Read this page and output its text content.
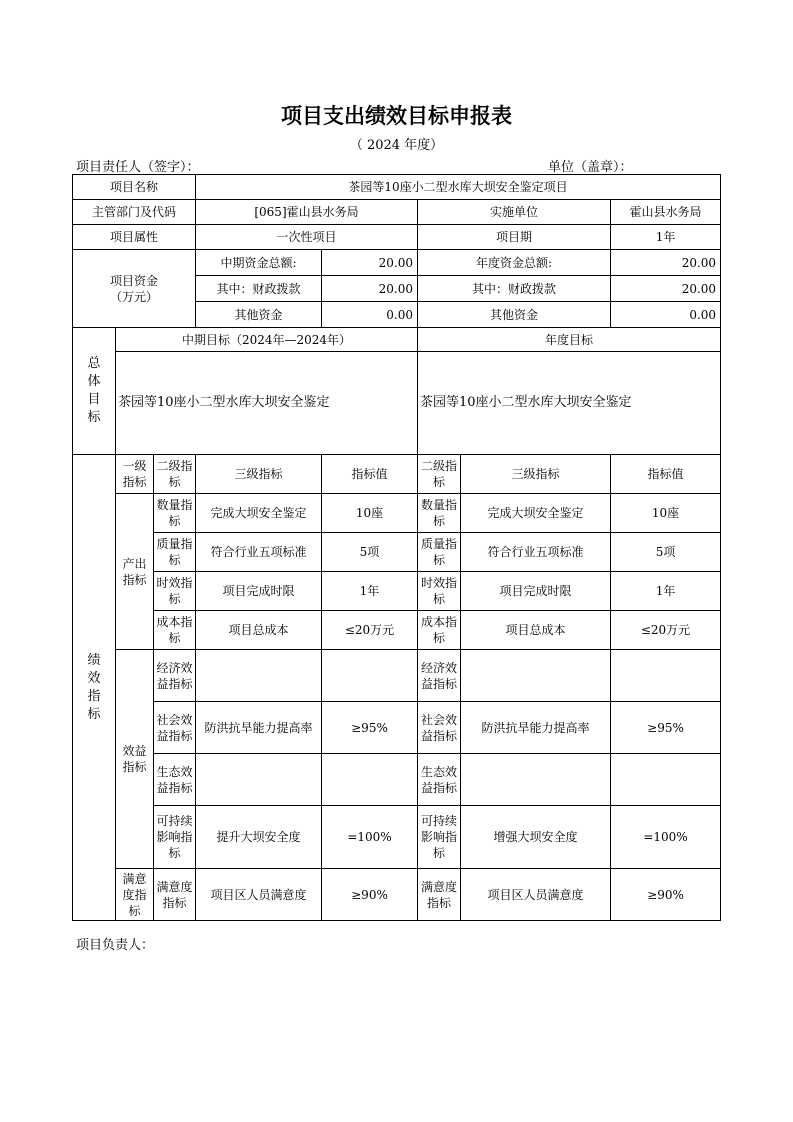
项目支出绩效目标申报表
（ 2024 年度）
项目责任人（签字）：	单位（盖章）：
项目名称			茶园等10座小二型水库大坝安全鉴定项目				
主管部门及代码			[065]霍山县水务局		实施单位		霍山县水务局
项目属性			一次性项目		项目期		1年

项目资金
（万元）			中期资金总额:	20.00	年度资金总额:		20.00
			其中：财政拨款	20.00	其中：财政拨款		20.00
			其他资金	0.00	其他资金		0.00

总体目标	中期目标（2024年—2024年）				年度目标		
	茶园等10座小二型水库大坝安全鉴定				茶园等10座小二型水库大坝安全鉴定		

绩效指标	一级指标	二级指标	三级指标	指标值	二级指标	三级指标	指标值
	产出指标	数量指标	完成大坝安全鉴定	10座	数量指标	完成大坝安全鉴定	10座
		质量指标	符合行业五项标准	5项	质量指标	符合行业五项标准	5项
		时效指标	项目完成时限	1年	时效指标	项目完成时限	1年
		成本指标	项目总成本	≤20万元	成本指标	项目总成本	≤20万元
	效益指标	经济效益指标			经济效益指标		
		社会效益指标	防洪抗旱能力提高率	≥95%	社会效益指标	防洪抗旱能力提高率	≥95%
		生态效益指标			生态效益指标		
		可持续影响指标	提升大坝安全度	=100%	可持续影响指标	增强大坝安全度	=100%
	满意度指标	满意度指标	项目区人员满意度	≥90%	满意度指标	项目区人员满意度	≥90%
项目负责人：
